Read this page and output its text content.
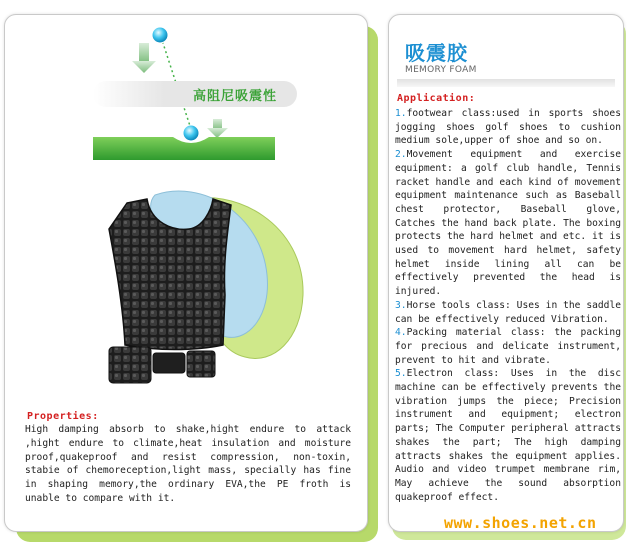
高阻尼吸震性
Properties:
High damping absorb to shake,hight endure to attack ,hight endure to climate,heat insulation and moisture proof,quakeproof and resist compression, non-toxin, stabie of chemoreception,light mass, specially has fine in shaping memory,the ordinary EVA,the PE froth is unable to compare with it.
吸震胶
MEMORY FOAM
Application:

1.footwear class:used in sports shoes jogging shoes golf shoes to cushion medium sole,upper of shoe and so on.

2.Movement equipment and exercise equipment: a golf club handle, Tennis racket handle and each kind of movement equipment maintenance such as Baseball chest protector, Baseball glove, Catches the hand back plate. The boxing protects the hard helmet and etc. it is used to movement hard helmet, safety helmet inside lining all can be effectively prevented the head is injured.

3.Horse tools class: Uses in the saddle can be effectively reduced Vibration.

4.Packing material class: the packing for precious and delicate instrument, prevent to hit and vibrate.

5.Electron class: Uses in the disc machine can be effectively prevents the vibration jumps the piece; Precision instrument and equipment; electron parts; The Computer peripheral attracts shakes the part; The high damping attracts shakes the equipment applies. Audio and video trumpet membrane rim, May achieve the sound absorption quakeproof effect.

www.shoes.net.cn
